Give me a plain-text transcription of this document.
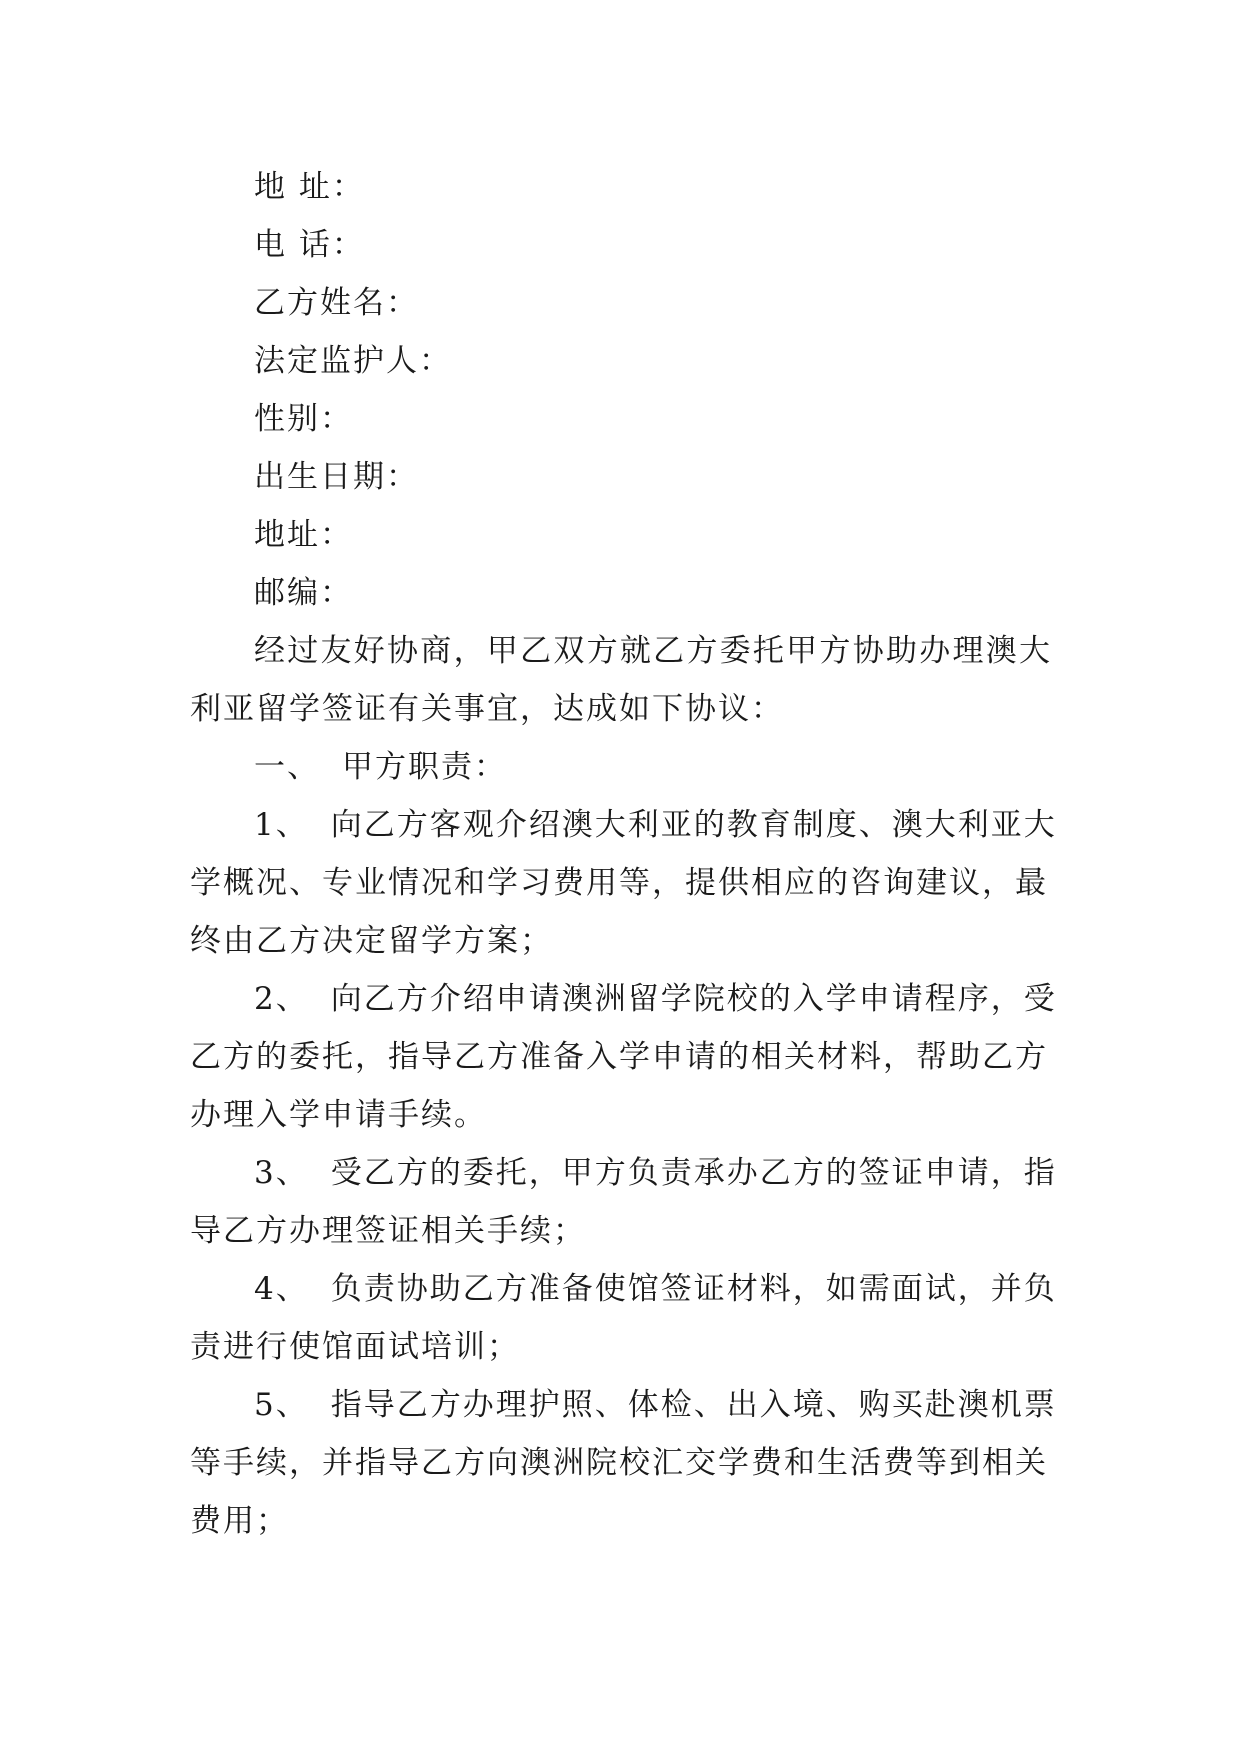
地 址：
电 话：
乙方姓名：
法定监护人：
性别：
出生日期：
地址：
邮编：
经过友好协商，甲乙双方就乙方委托甲方协助办理澳大
利亚留学签证有关事宜，达成如下协议：
一、 甲方职责：
1、 向乙方客观介绍澳大利亚的教育制度、澳大利亚大
学概况、专业情况和学习费用等，提供相应的咨询建议，最
终由乙方决定留学方案；
2、 向乙方介绍申请澳洲留学院校的入学申请程序，受
乙方的委托，指导乙方准备入学申请的相关材料，帮助乙方
办理入学申请手续。
3、 受乙方的委托，甲方负责承办乙方的签证申请，指
导乙方办理签证相关手续；
4、 负责协助乙方准备使馆签证材料，如需面试，并负
责进行使馆面试培训；
5、 指导乙方办理护照、体检、出入境、购买赴澳机票
等手续，并指导乙方向澳洲院校汇交学费和生活费等到相关
费用；
